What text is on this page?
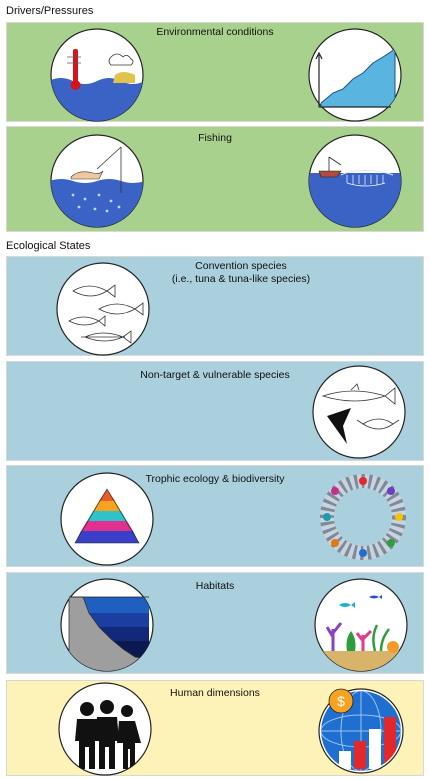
Drivers/Pressures
Environmental conditions
Fishing
Ecological States
Convention species
(i.e., tuna & tuna-like species)
Non-target & vulnerable species
Trophic ecology & biodiversity
Habitats
Human dimensions	$
